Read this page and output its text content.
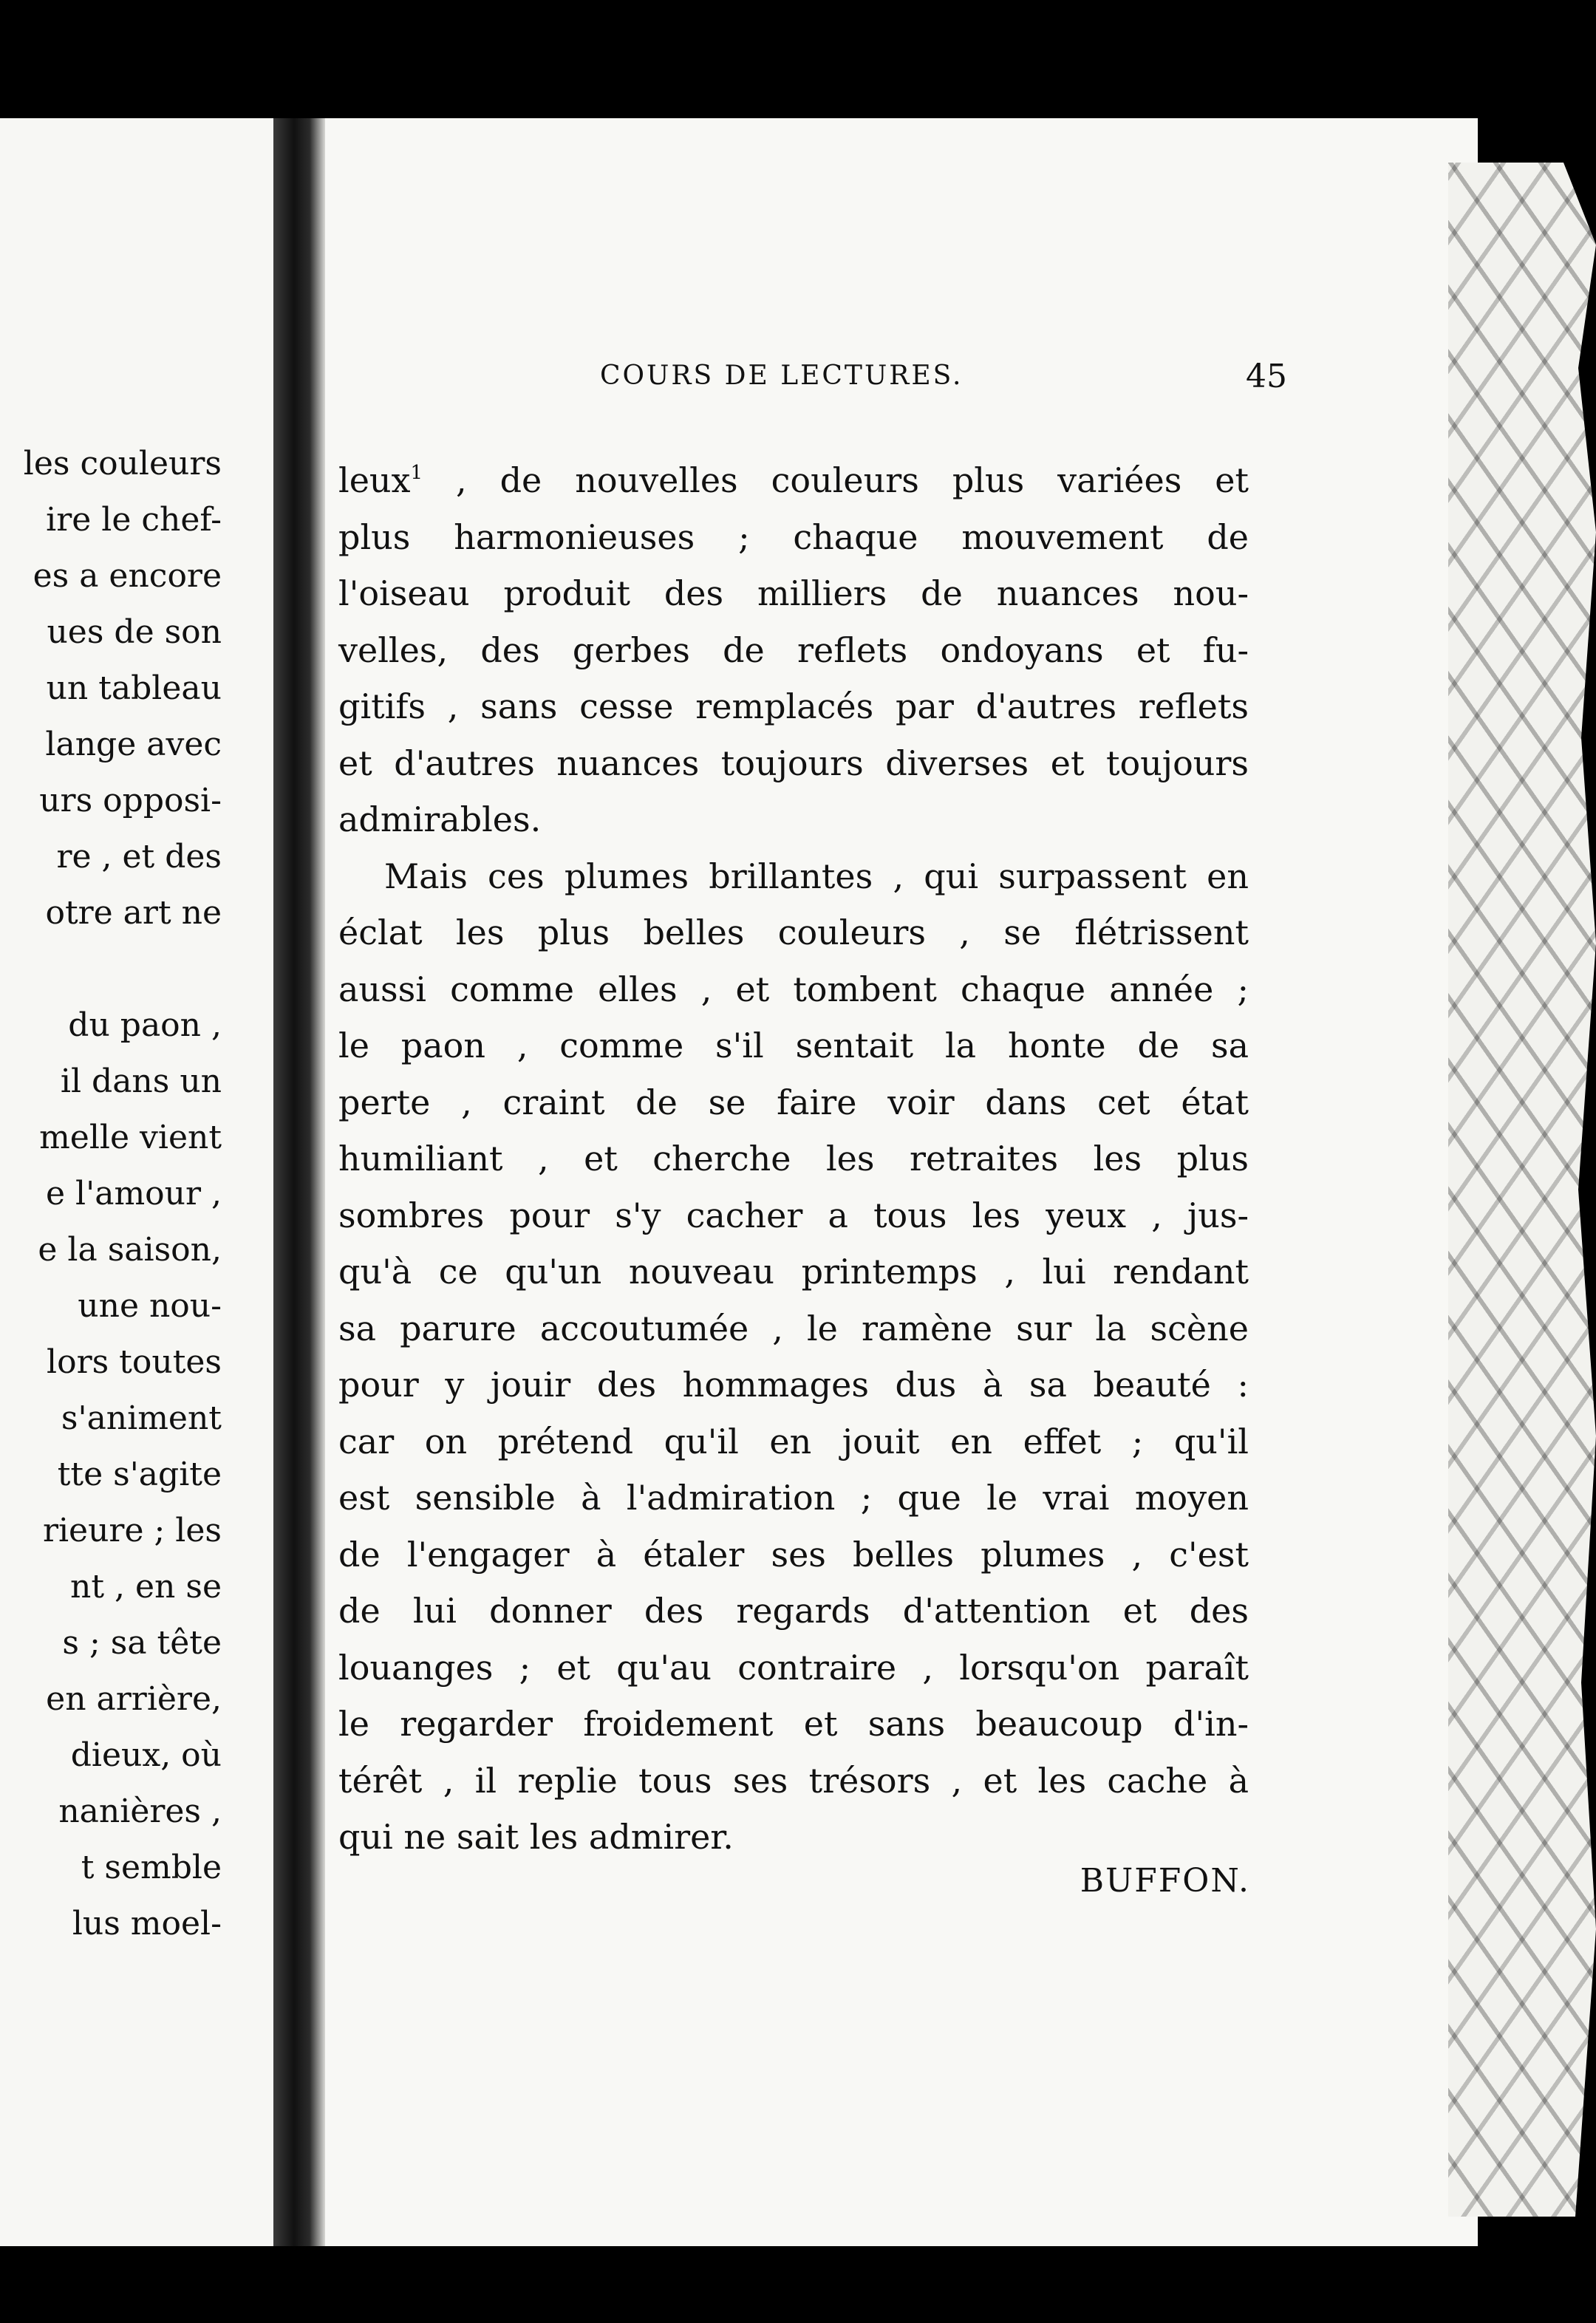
les couleurs
ire le chef-
es a encore
ues de son
un tableau
lange avec
urs opposi-
re , et des
otre art ne
du paon ,
il dans un
melle vient
e l'amour ,
e la saison,
une nou-
lors toutes
s'animent
tte s'agite
rieure ; les
nt , en se
s ; sa tête
en arrière,
dieux, où
nanières ,
t semble
lus moel-
COURS DE LECTURES.	45
leux$^1$ , de nouvelles couleurs plus variées et
plus harmonieuses ; chaque mouvement de
l'oiseau produit des milliers de nuances nou-
velles, des gerbes de reflets ondoyans et fu-
gitifs , sans cesse remplacés par d'autres reflets
et d'autres nuances toujours diverses et toujours
admirables.
Mais ces plumes brillantes , qui surpassent en
éclat les plus belles couleurs , se flétrissent
aussi comme elles , et tombent chaque année ;
le paon , comme s'il sentait la honte de sa
perte , craint de se faire voir dans cet état
humiliant , et cherche les retraites les plus
sombres pour s'y cacher a tous les yeux , jus-
qu'à ce qu'un nouveau printemps , lui rendant
sa parure accoutumée , le ramène sur la scène
pour y jouir des hommages dus à sa beauté :
car on prétend qu'il en jouit en effet ; qu'il
est sensible à l'admiration ; que le vrai moyen
de l'engager à étaler ses belles plumes , c'est
de lui donner des regards d'attention et des
louanges ; et qu'au contraire , lorsqu'on paraît
le regarder froidement et sans beaucoup d'in-
térêt , il replie tous ses trésors , et les cache à
qui ne sait les admirer.
BUFFON.
